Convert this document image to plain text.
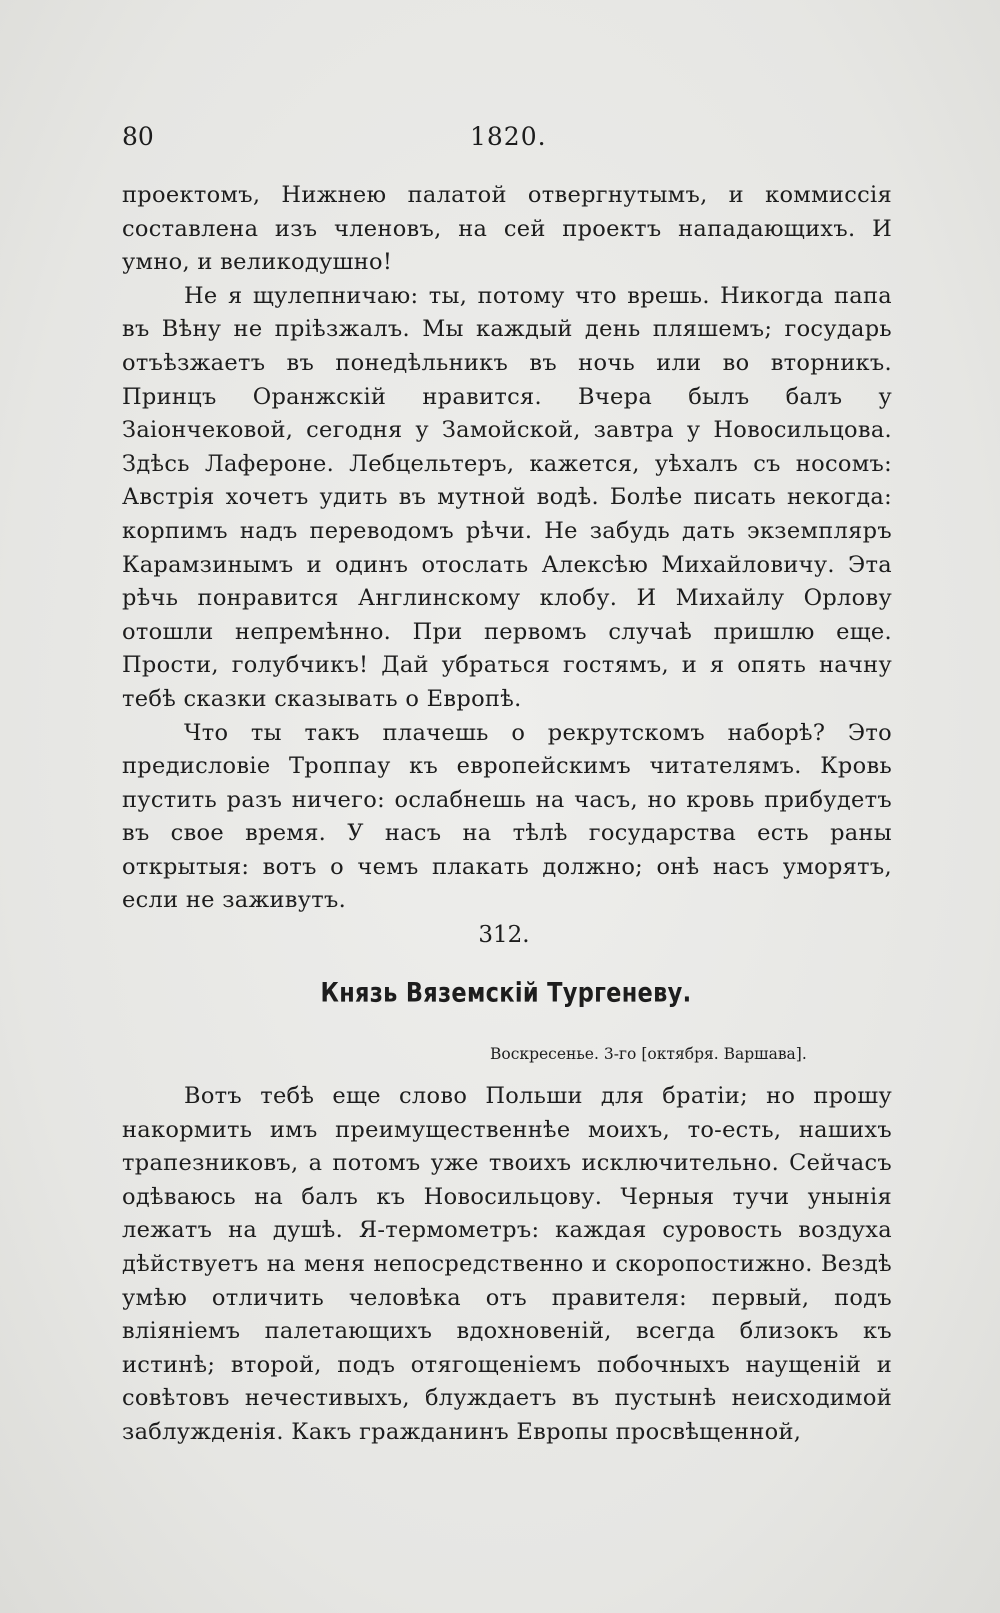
80	1820.

проектомъ, Нижнею палатой отвергнутымъ, и коммиссія составлена изъ членовъ, на сей проектъ нападающихъ. И умно, и великодушно!

Не я щулепничаю: ты, потому что врешь. Никогда папа въ Вѣну не пріѣзжалъ. Мы каждый день пляшемъ; государь отъѣзжаетъ въ понедѣльникъ въ ночь или во вторникъ. Принцъ Оранжскій нравится. Вчера былъ балъ у Заіончековой, сегодня у Замойской, завтра у Новосильцова. Здѣсь Лафероне. Лебцельтеръ, кажется, уѣхалъ съ носомъ: Австрія хочетъ удить въ мутной водѣ. Болѣе писать некогда: корпимъ надъ переводомъ рѣчи. Не забудь дать экземпляръ Карамзинымъ и одинъ отослать Алексѣю Михайловичу. Эта рѣчь понравится Англинскому клобу. И Михайлу Орлову отошли непремѣнно. При первомъ случаѣ пришлю еще. Прости, голубчикъ! Дай убраться гостямъ, и я опять начну тебѣ сказки сказывать о Европѣ.

Что ты такъ плачешь о рекрутскомъ наборѣ? Это предисловіе Троппау къ европейскимъ читателямъ. Кровь пустить разъ ничего: ослабнешь на часъ, но кровь прибудетъ въ свое время. У насъ на тѣлѣ государства есть раны открытыя: вотъ о чемъ плакать должно; онѣ насъ уморятъ, если не заживутъ.

312.
Князь Вяземскій Тургеневу.
Воскресенье. 3-го [октября. Варшава].

Вотъ тебѣ еще слово Польши для братіи; но прошу накормить имъ преимущественнѣе моихъ, то-есть, нашихъ трапезниковъ, а потомъ уже твоихъ исключительно. Сейчасъ одѣваюсь на балъ къ Новосильцову. Черныя тучи унынія лежатъ на душѣ. Я-термометръ: каждая суровость воздуха дѣйствуетъ на меня непосредственно и скоропостижно. Вездѣ умѣю отличить человѣка отъ правителя: первый, подъ вліяніемъ палетающихъ вдохновеній, всегда близокъ къ истинѣ; второй, подъ отягощеніемъ побочныхъ наущеній и совѣтовъ нечестивыхъ, блуждаетъ въ пустынѣ неисходимой заблужденія. Какъ гражданинъ Европы просвѣщенной,
